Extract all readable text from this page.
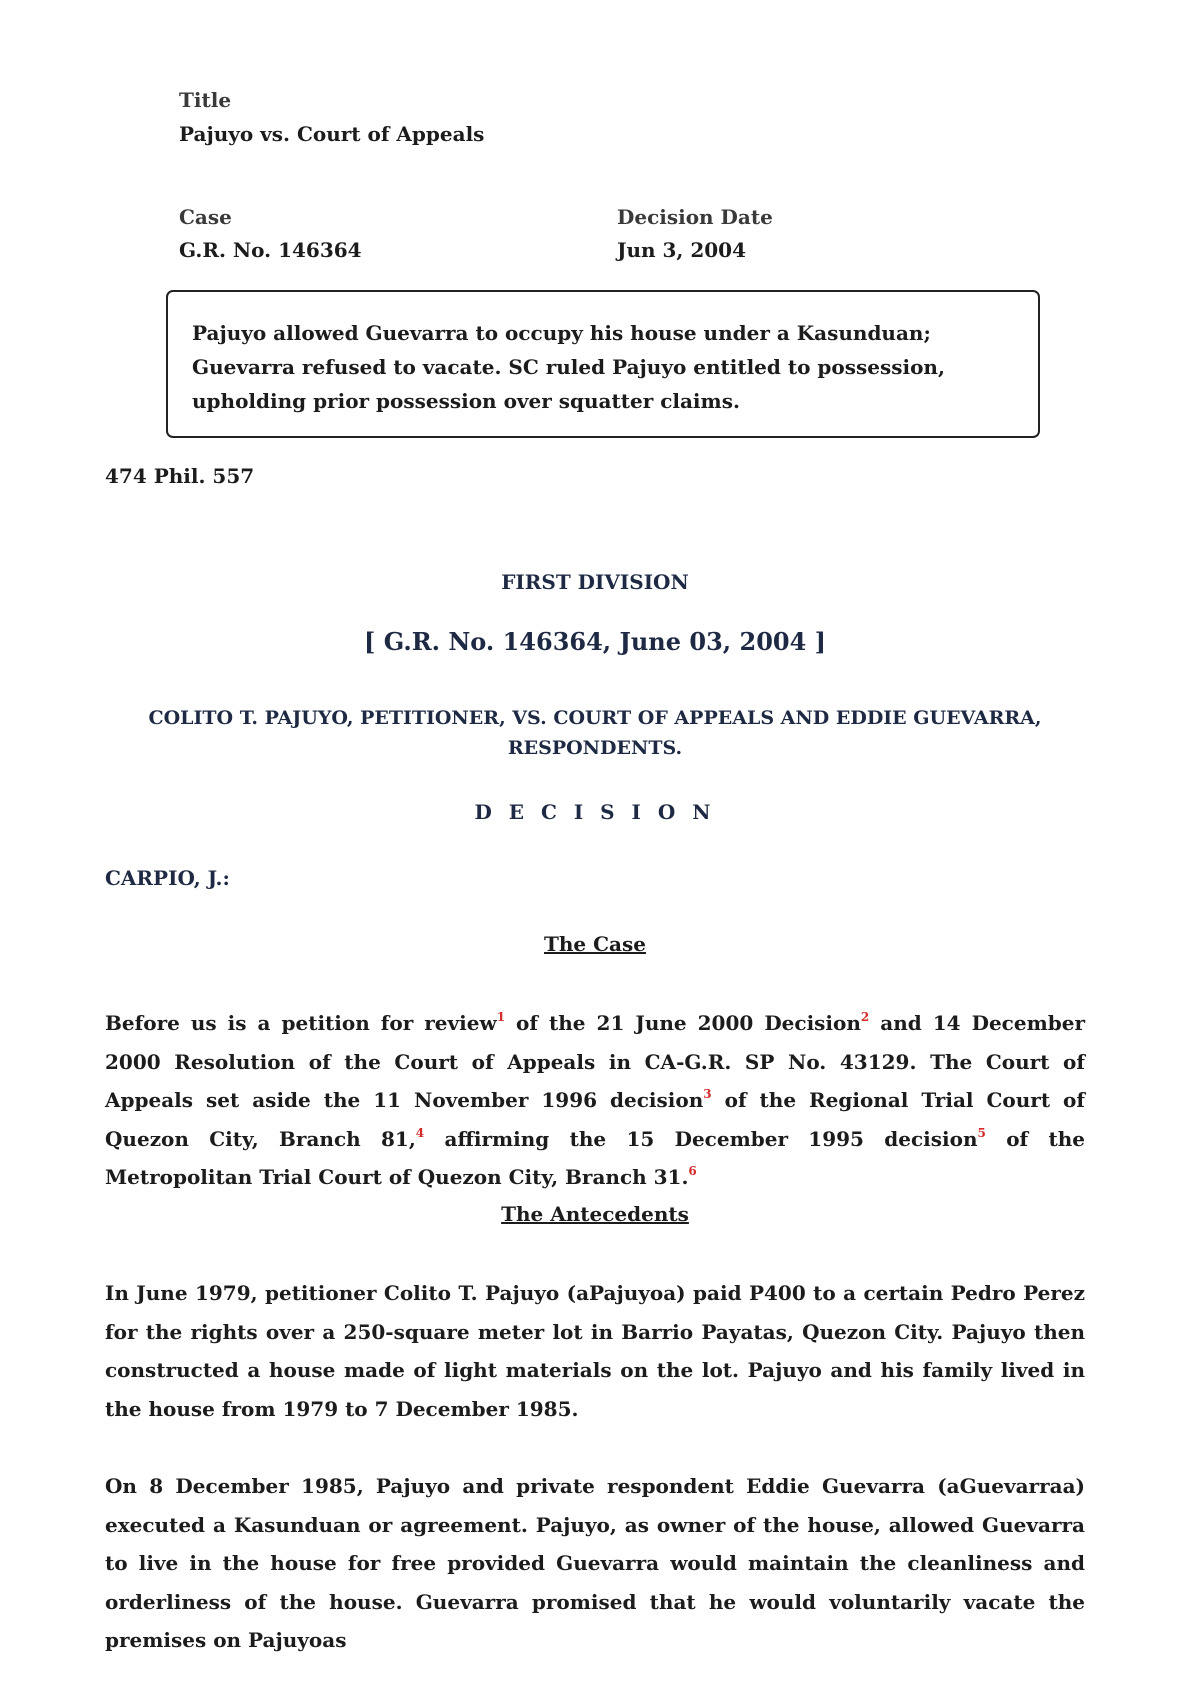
Title
Pajuyo vs. Court of Appeals
Case
G.R. No. 146364
Decision Date
Jun 3, 2004
Pajuyo allowed Guevarra to occupy his house under a Kasunduan; Guevarra refused to vacate. SC ruled Pajuyo entitled to possession, upholding prior possession over squatter claims.
474 Phil. 557
FIRST DIVISION
[ G.R. No. 146364, June 03, 2004 ]
COLITO T. PAJUYO, PETITIONER, VS. COURT OF APPEALS AND EDDIE GUEVARRA, RESPONDENTS.
D E C I S I O N
CARPIO, J.:
The Case
Before us is a petition for review$^1$ of the 21 June 2000 Decision$^2$ and 14 December 2000 Resolution of the Court of Appeals in CA-G.R. SP No. 43129. The Court of Appeals set aside the 11 November 1996 decision$^3$ of the Regional Trial Court of Quezon City, Branch 81,$^4$ affirming the 15 December 1995 decision$^5$ of the Metropolitan Trial Court of Quezon City, Branch 31.$^6$
The Antecedents
In June 1979, petitioner Colito T. Pajuyo (aPajuyoa) paid P400 to a certain Pedro Perez for the rights over a 250-square meter lot in Barrio Payatas, Quezon City. Pajuyo then constructed a house made of light materials on the lot. Pajuyo and his family lived in the house from 1979 to 7 December 1985.
On 8 December 1985, Pajuyo and private respondent Eddie Guevarra (aGuevarraa) executed a Kasunduan or agreement. Pajuyo, as owner of the house, allowed Guevarra to live in the house for free provided Guevarra would maintain the cleanliness and orderliness of the house. Guevarra promised that he would voluntarily vacate the premises on Pajuyoas
